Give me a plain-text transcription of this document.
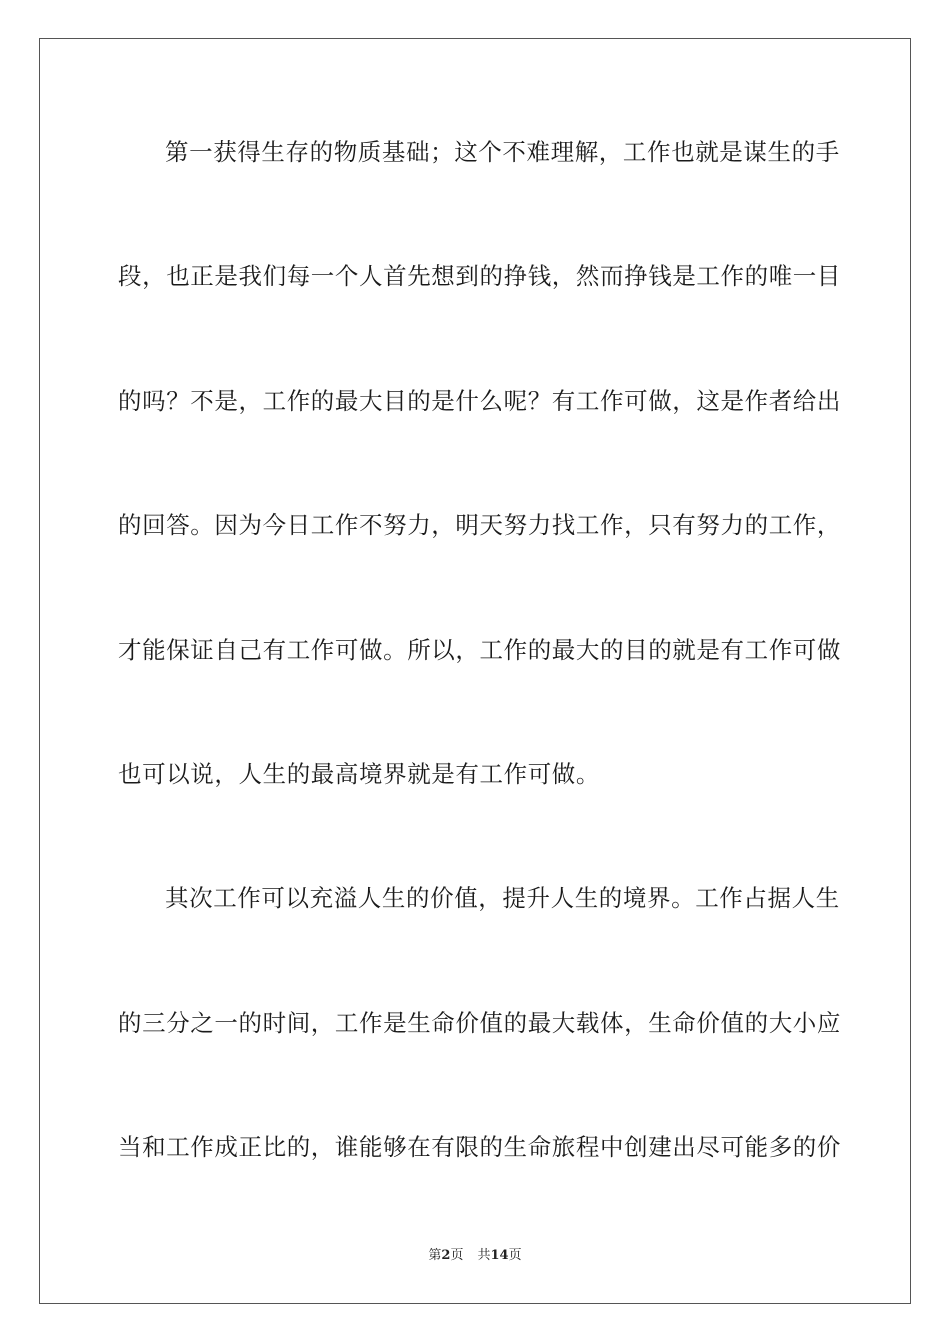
第一获得生存的物质基础；这个不难理解，工作也就是谋生的手

段，也正是我们每一个人首先想到的挣钱，然而挣钱是工作的唯一目

的吗？不是，工作的最大目的是什么呢？有工作可做，这是作者给出

的回答。因为今日工作不努力，明天努力找工作，只有努力的工作，

才能保证自己有工作可做。所以，工作的最大的目的就是有工作可做

也可以说，人生的最高境界就是有工作可做。

其次工作可以充溢人生的价值，提升人生的境界。工作占据人生

的三分之一的时间，工作是生命价值的最大载体，生命价值的大小应

当和工作成正比的，谁能够在有限的生命旅程中创建出尽可能多的价

第2页 共14页
